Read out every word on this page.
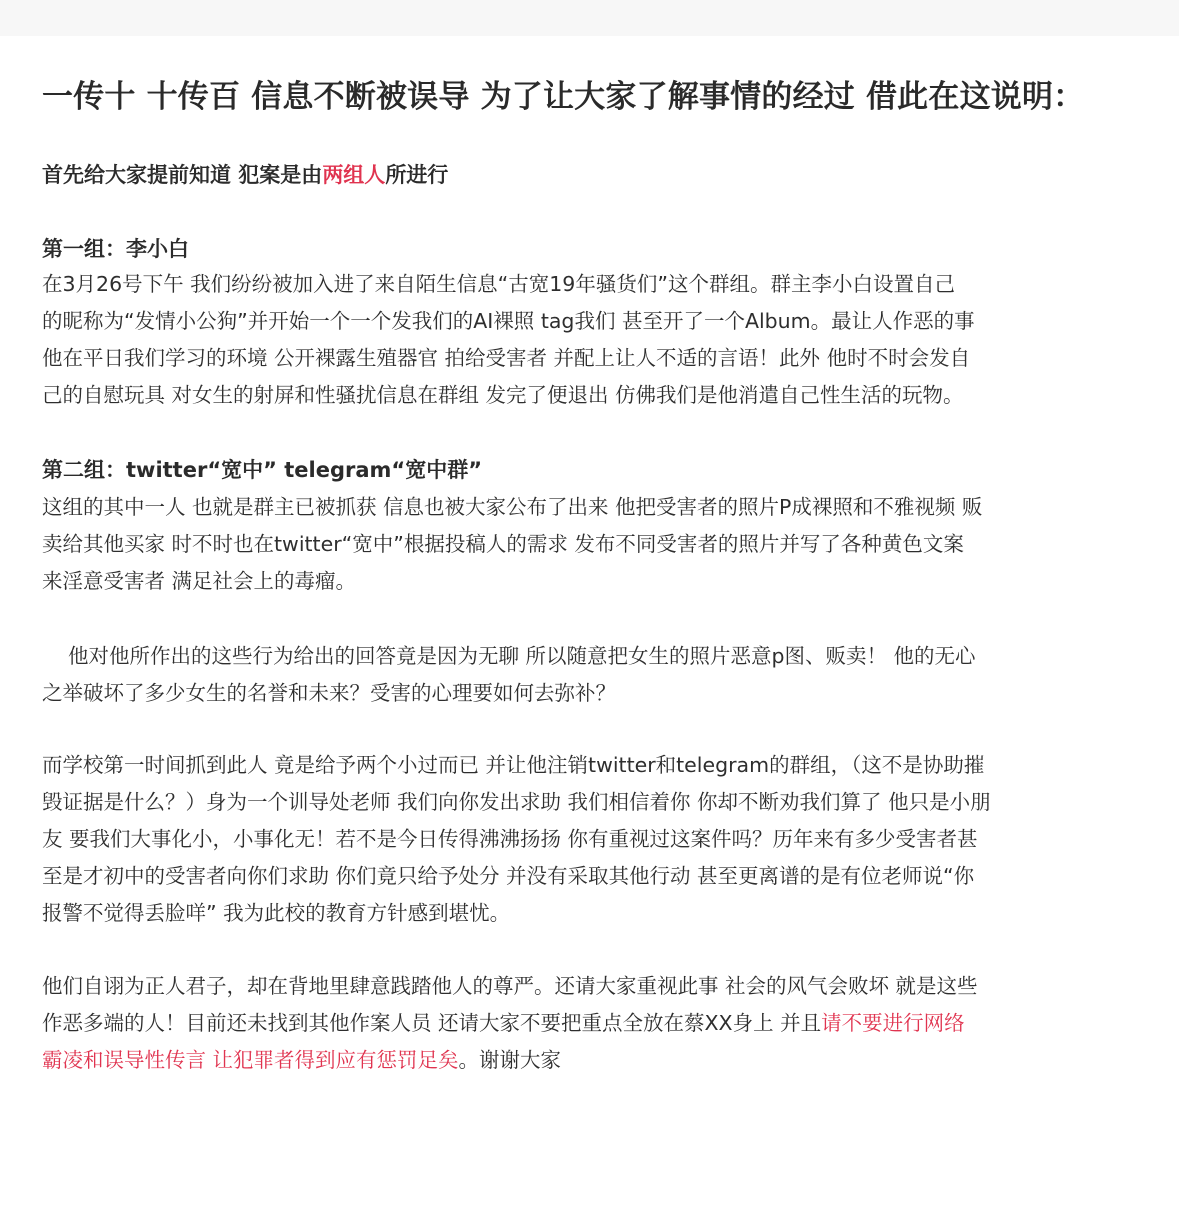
一传十 十传百 信息不断被误导 为了让大家了解事情的经过 借此在这说明：

首先给大家提前知道 犯案是由两组人所进行

第一组：李小白
在3月26号下午 我们纷纷被加入进了来自陌生信息“古宽19年骚货们”这个群组。群主李小白设置自己
的昵称为“发情小公狗”并开始一个一个发我们的AI裸照 tag我们 甚至开了一个Album。最让人作恶的事
他在平日我们学习的环境 公开裸露生殖器官 拍给受害者 并配上让人不适的言语！此外 他时不时会发自
己的自慰玩具 对女生的射屏和性骚扰信息在群组 发完了便退出 仿佛我们是他消遣自己性生活的玩物。
第二组：twitter“宽中” telegram“宽中群”
这组的其中一人 也就是群主已被抓获 信息也被大家公布了出来 他把受害者的照片P成裸照和不雅视频 贩
卖给其他买家 时不时也在twitter“宽中”根据投稿人的需求 发布不同受害者的照片并写了各种黄色文案
来淫意受害者 满足社会上的毒瘤。
他对他所作出的这些行为给出的回答竟是因为无聊 所以随意把女生的照片恶意p图、贩卖！ 他的无心
之举破坏了多少女生的名誉和未来？受害的心理要如何去弥补？
而学校第一时间抓到此人 竟是给予两个小过而已 并让他注销twitter和telegram的群组，（这不是协助摧
毁证据是什么？）身为一个训导处老师 我们向你发出求助 我们相信着你 你却不断劝我们算了 他只是小朋
友 要我们大事化小，小事化无！若不是今日传得沸沸扬扬 你有重视过这案件吗？历年来有多少受害者甚
至是才初中的受害者向你们求助 你们竟只给予处分 并没有采取其他行动 甚至更离谱的是有位老师说“你
报警不觉得丢脸咩” 我为此校的教育方针感到堪忧。
他们自诩为正人君子，却在背地里肆意践踏他人的尊严。还请大家重视此事 社会的风气会败坏 就是这些
作恶多端的人！目前还未找到其他作案人员 还请大家不要把重点全放在蔡XX身上 并且请不要进行网络
霸凌和误导性传言 让犯罪者得到应有惩罚足矣。谢谢大家
